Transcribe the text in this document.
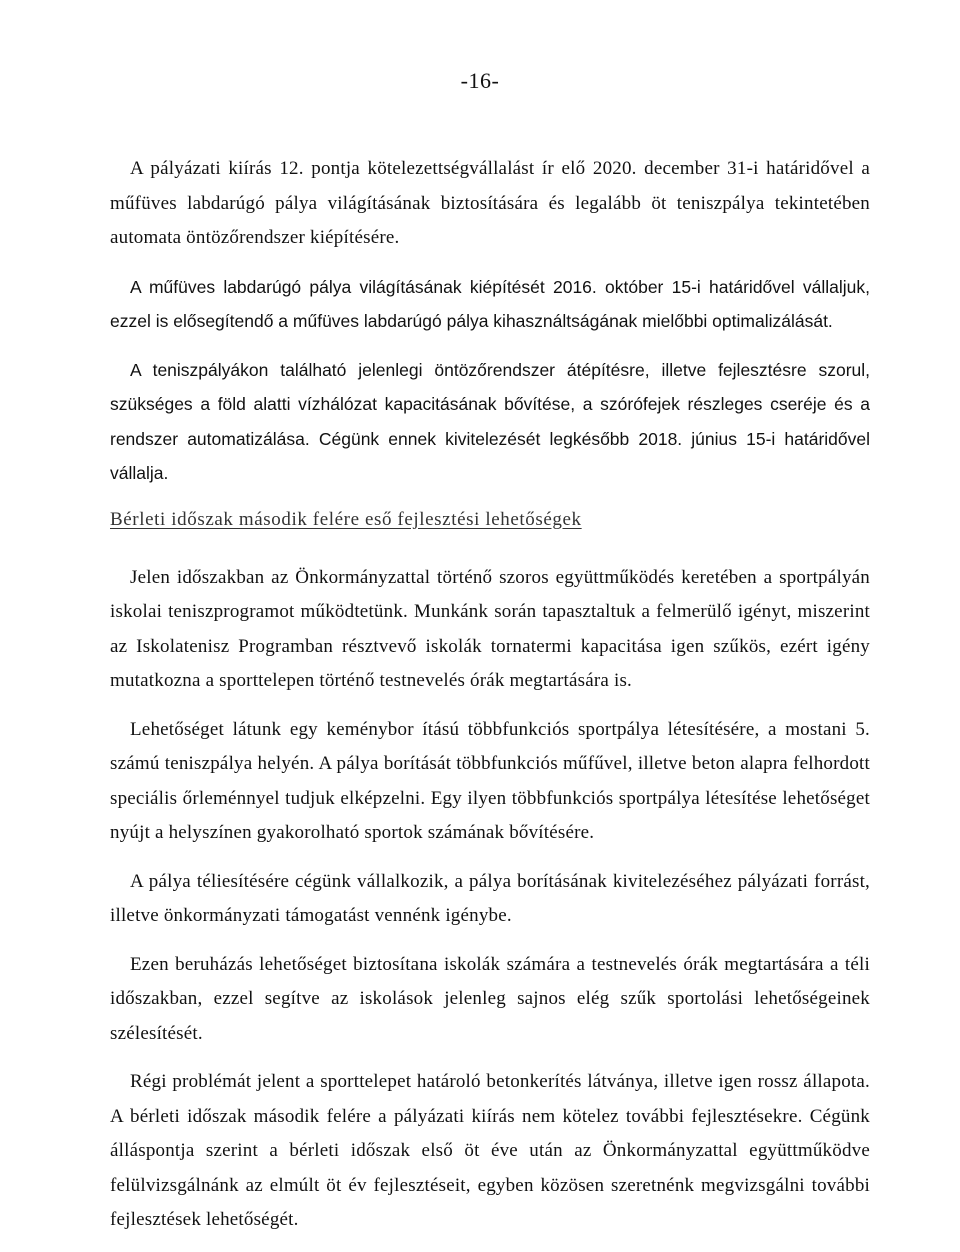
-16-

A pályázati kiírás 12. pontja kötelezettségvállalást ír elő 2020. december 31-i határidővel a műfüves labdarúgó pálya világításának biztosítására és legalább öt teniszpálya tekintetében automata öntözőrendszer kiépítésére.

A műfüves labdarúgó pálya világításának kiépítését 2016. október 15-i határidővel vállaljuk, ezzel is elősegítendő a műfüves labdarúgó pálya kihasználtságának mielőbbi optimalizálását.

A teniszpályákon található jelenlegi öntözőrendszer átépítésre, illetve fejlesztésre szorul, szükséges a föld alatti vízhálózat kapacitásának bővítése, a szórófejek részleges cseréje és a rendszer automatizálása. Cégünk ennek kivitelezését legkésőbb 2018. június 15-i határidővel vállalja.

Bérleti időszak második felére eső fejlesztési lehetőségek

Jelen időszakban az Önkormányzattal történő szoros együttműködés keretében a sportpályán iskolai teniszprogramot működtetünk. Munkánk során tapasztaltuk a felmerülő igényt, miszerint az Iskolatenisz Programban résztvevő iskolák tornatermi kapacitása igen szűkös, ezért igény mutatkozna a sporttelepen történő testnevelés órák megtartására is.

Lehetőséget látunk egy keménybor ítású többfunkciós sportpálya létesítésére, a mostani 5. számú teniszpálya helyén. A pálya borítását többfunkciós műfűvel, illetve beton alapra felhordott speciális őrleménnyel tudjuk elképzelni. Egy ilyen többfunkciós sportpálya létesítése lehetőséget nyújt a helyszínen gyakorolható sportok számának bővítésére.

A pálya téliesítésére cégünk vállalkozik, a pálya borításának kivitelezéséhez pályázati forrást, illetve önkormányzati támogatást vennénk igénybe.

Ezen beruházás lehetőséget biztosítana iskolák számára a testnevelés órák megtartására a téli időszakban, ezzel segítve az iskolások jelenleg sajnos elég szűk sportolási lehetőségeinek szélesítését.

Régi problémát jelent a sporttelepet határoló betonkerítés látványa, illetve igen rossz állapota. A bérleti időszak második felére a pályázati kiírás nem kötelez további fejlesztésekre. Cégünk álláspontja szerint a bérleti időszak első öt éve után az Önkormányzattal együttműködve felülvizsgálnánk az elmúlt öt év fejlesztéseit, egyben közösen szeretnénk megvizsgálni további fejlesztések lehetőségét.
